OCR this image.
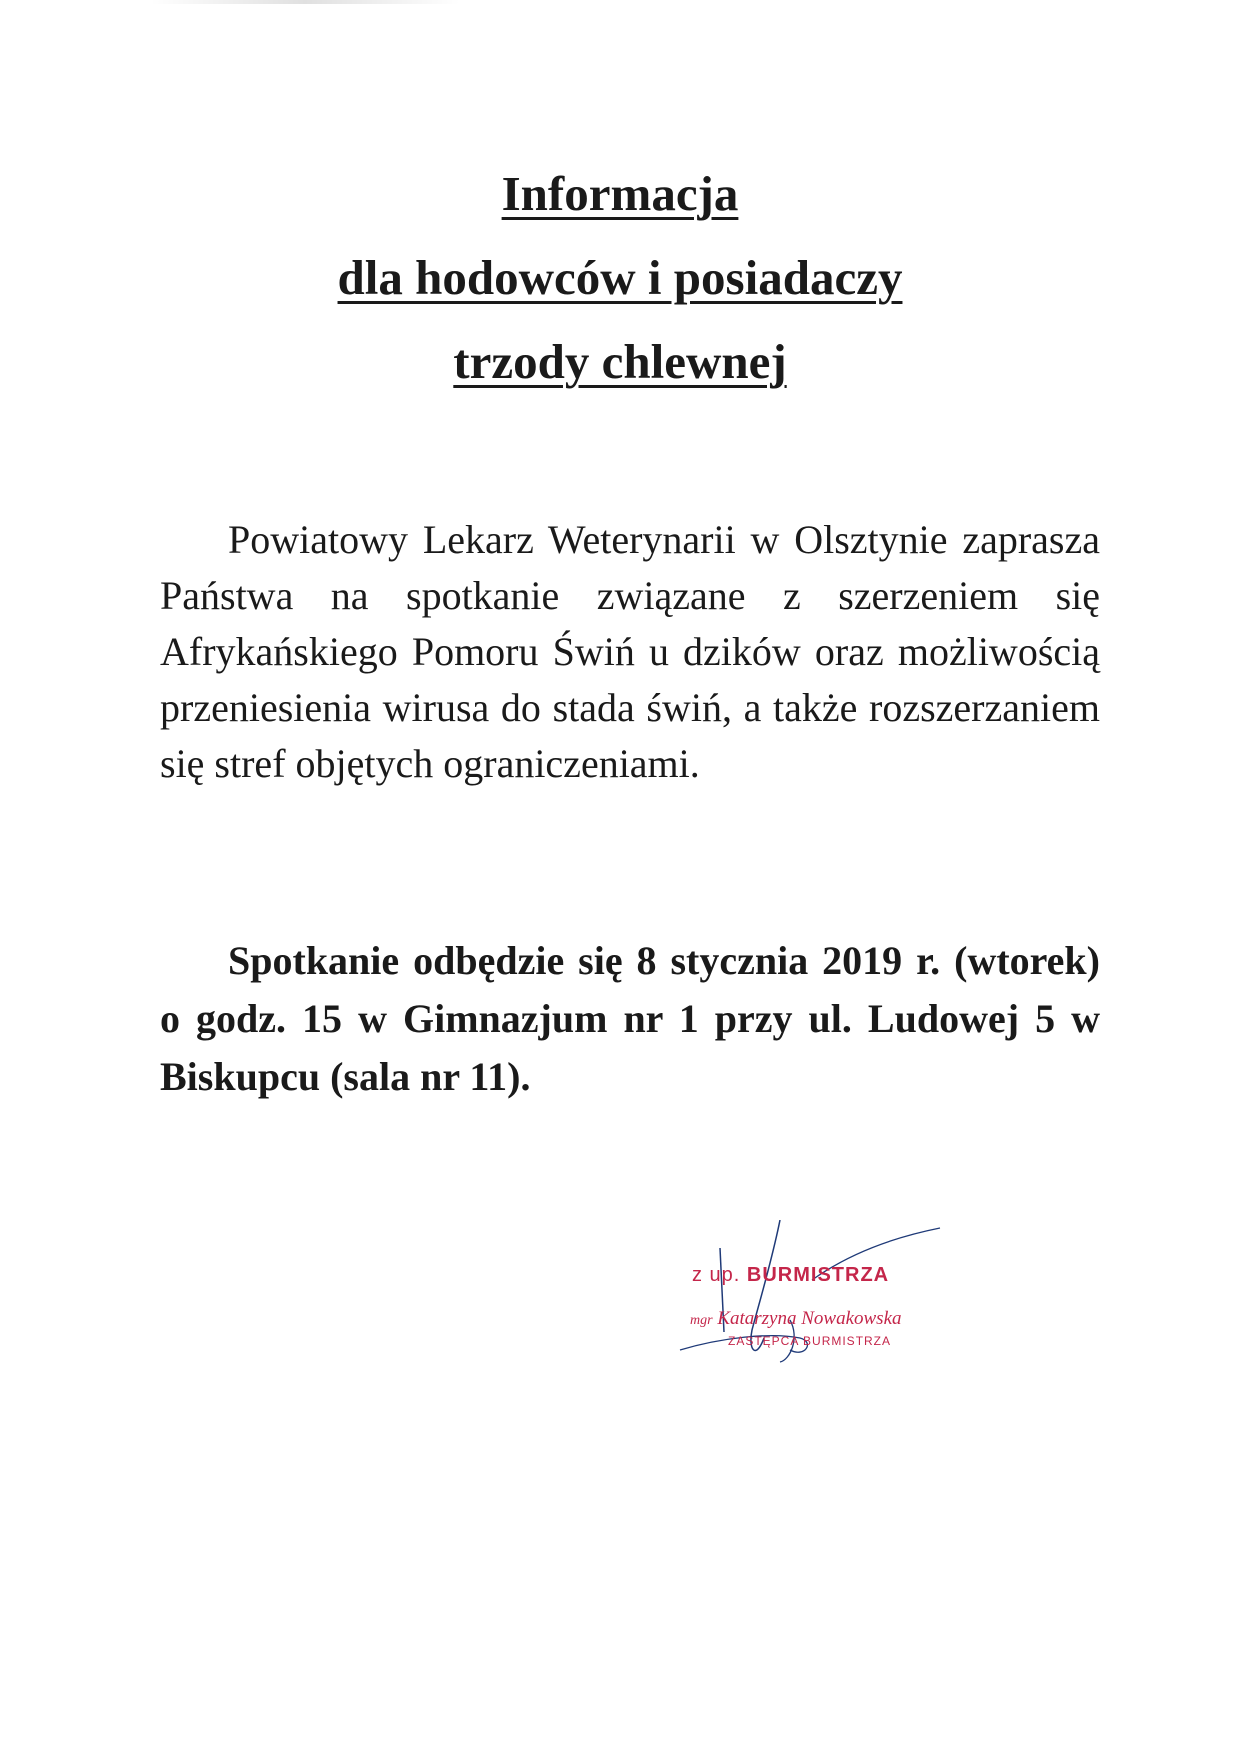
Informacja
dla hodowców i posiadaczy
trzody chlewnej

Powiatowy Lekarz Weterynarii w Olsztynie zaprasza Państwa na spotkanie związane z szerzeniem się Afrykańskiego Pomoru Świń u dzików oraz możliwością przeniesienia wirusa do stada świń, a także rozszerzaniem się stref objętych ograniczeniami.

Spotkanie odbędzie się 8 stycznia 2019 r. (wtorek) o godz. 15 w Gimnazjum nr 1 przy ul. Ludowej 5 w Biskupcu (sala nr 11).

z up. BURMISTRZA
mgr Katarzyna Nowakowska
ZASTĘPCA BURMISTRZA
